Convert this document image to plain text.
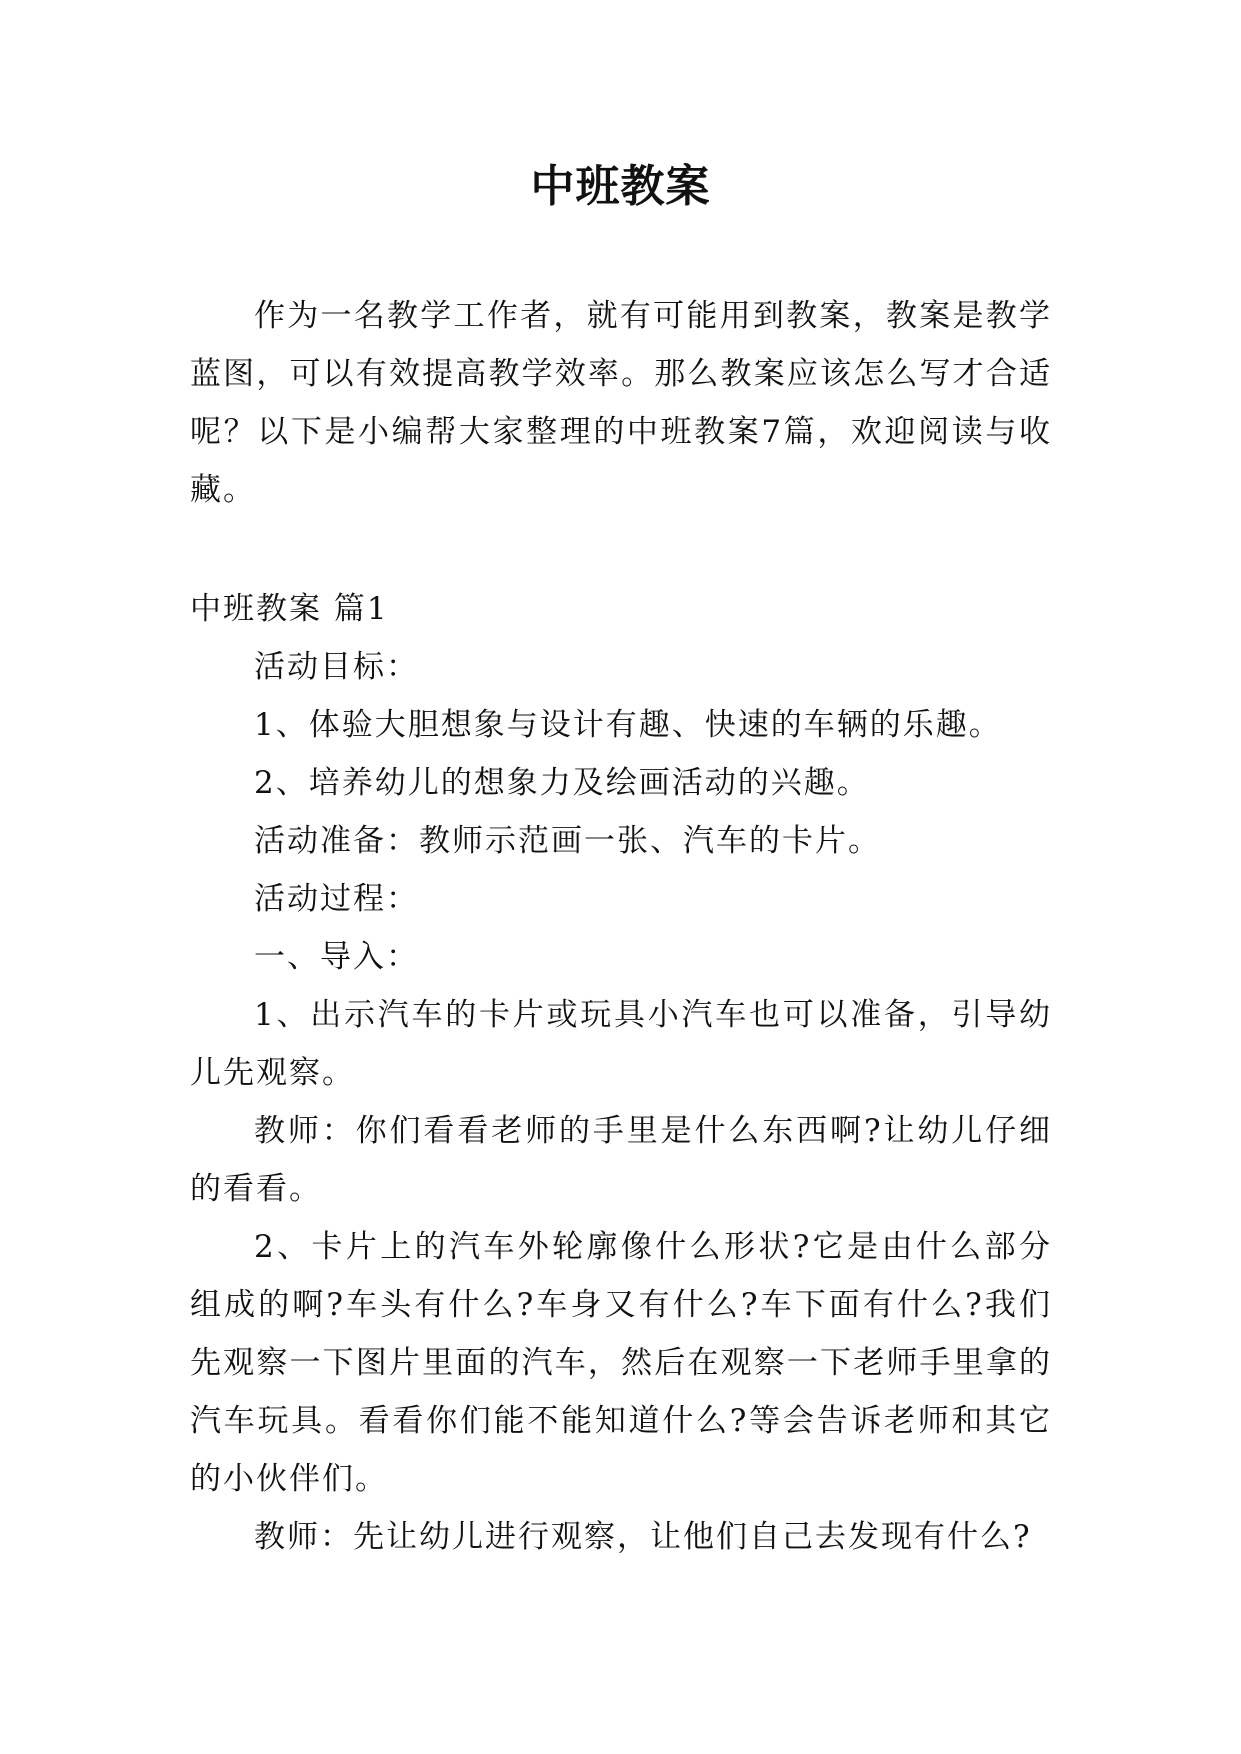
中班教案

作为一名教学工作者，就有可能用到教案，教案是教学蓝图，可以有效提高教学效率。那么教案应该怎么写才合适呢？以下是小编帮大家整理的中班教案7篇，欢迎阅读与收藏。

中班教案 篇1

活动目标：

1、体验大胆想象与设计有趣、快速的车辆的乐趣。

2、培养幼儿的想象力及绘画活动的兴趣。

活动准备：教师示范画一张、汽车的卡片。

活动过程：

一、导入：

1、出示汽车的卡片或玩具小汽车也可以准备，引导幼儿先观察。

教师：你们看看老师的手里是什么东西啊?让幼儿仔细的看看。

2、卡片上的汽车外轮廓像什么形状?它是由什么部分组成的啊?车头有什么?车身又有什么?车下面有什么?我们先观察一下图片里面的汽车，然后在观察一下老师手里拿的汽车玩具。看看你们能不能知道什么?等会告诉老师和其它的小伙伴们。

教师：先让幼儿进行观察，让他们自己去发现有什么?
